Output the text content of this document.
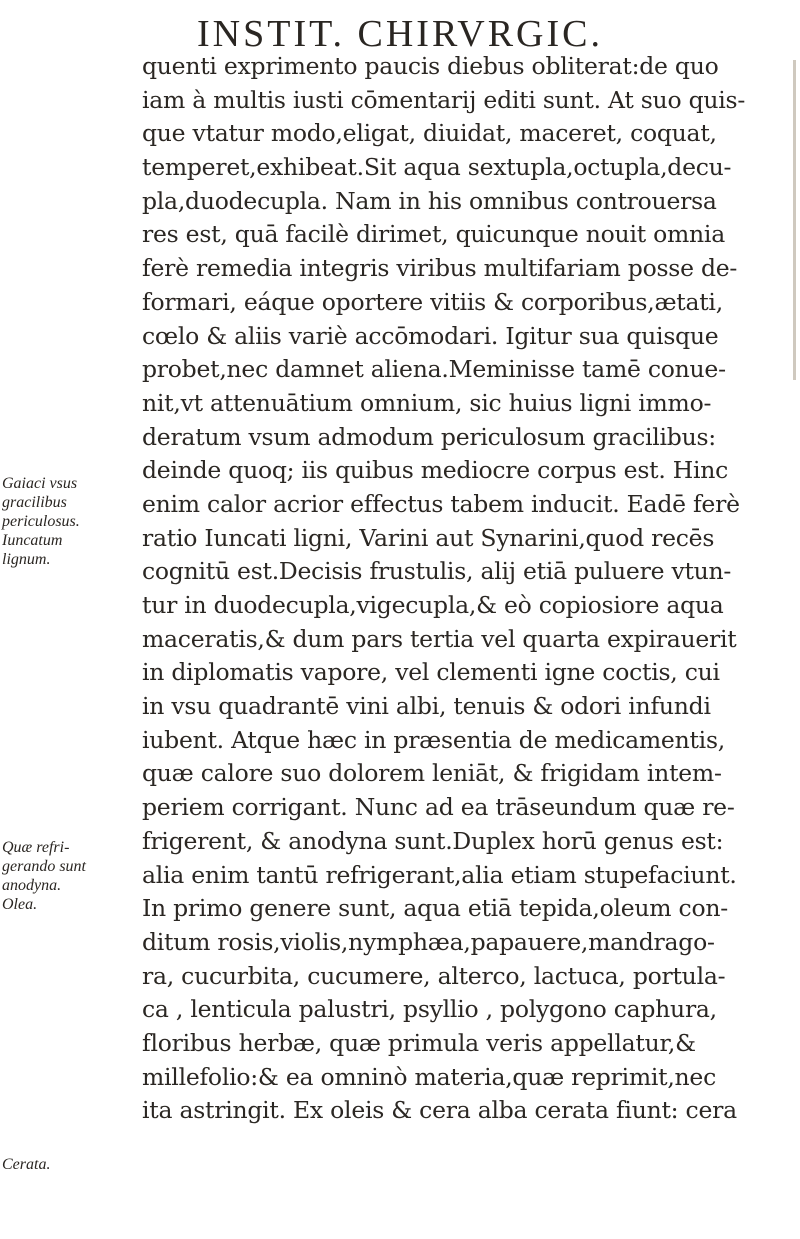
INSTIT. CHIRVRGIC.
quenti exprimento paucis diebus obliterat:de quo
iam à multis iusti cōmentarij editi sunt. At suo quis-
que vtatur modo,eligat, diuidat, maceret, coquat,
temperet,exhibeat.Sit aqua sextupla,octupla,decu-
pla,duodecupla. Nam in his omnibus controuersa
res est, quā facilè dirimet, quicunque nouit omnia
ferè remedia integris viribus multifariam posse de-
formari, eáque oportere vitiis & corporibus,ætati,
cœlo & aliis variè accōmodari. Igitur sua quisque
probet,nec damnet aliena.Meminisse tamē conue-
nit,vt attenuātium omnium, sic huius ligni immo-
deratum vsum admodum periculosum gracilibus:
deinde quoq; iis quibus mediocre corpus est. Hinc
enim calor acrior effectus tabem inducit. Eadē ferè
ratio Iuncati ligni, Varini aut Synarini,quod recēs
cognitū est.Decisis frustulis, alij etiā puluere vtun-
tur in duodecupla,vigecupla,& eò copiosiore aqua
maceratis,& dum pars tertia vel quarta expirauerit
in diplomatis vapore, vel clementi igne coctis, cui
in vsu quadrantē vini albi, tenuis & odori infundi
iubent. Atque hæc in præsentia de medicamentis,
quæ calore suo dolorem leniāt, & frigidam intem-
periem corrigant. Nunc ad ea trāseundum quæ re-
frigerent, & anodyna sunt.Duplex horū genus est:
alia enim tantū refrigerant,alia etiam stupefaciunt.
In primo genere sunt, aqua etiā tepida,oleum con-
ditum rosis,violis,nymphæa,papauere,mandrago-
ra, cucurbita, cucumere, alterco, lactuca, portula-
ca , lenticula palustri, psyllio , polygono caphura,
floribus herbæ, quæ primula veris appellatur,&
millefolio:& ea omninò materia,quæ reprimit,nec
ita astringit. Ex oleis & cera alba cerata fiunt: cera
Gaiaci vsus
gracilibus
periculosus.
Iuncatum
lignum.
Quæ refri-
gerando sunt
anodyna.
Olea.
Cerata.
